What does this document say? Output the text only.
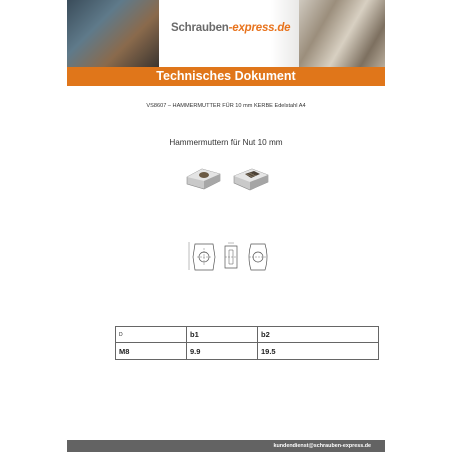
Schrauben-express.de
Technisches Dokument
VS8607 – HAMMERMUTTER FÜR 10 mm KERBE Edelstahl A4
Hammermuttern für Nut 10 mm
D	b1	b2
M8	9.9	19.5
kundendienst@schrauben-express.de
